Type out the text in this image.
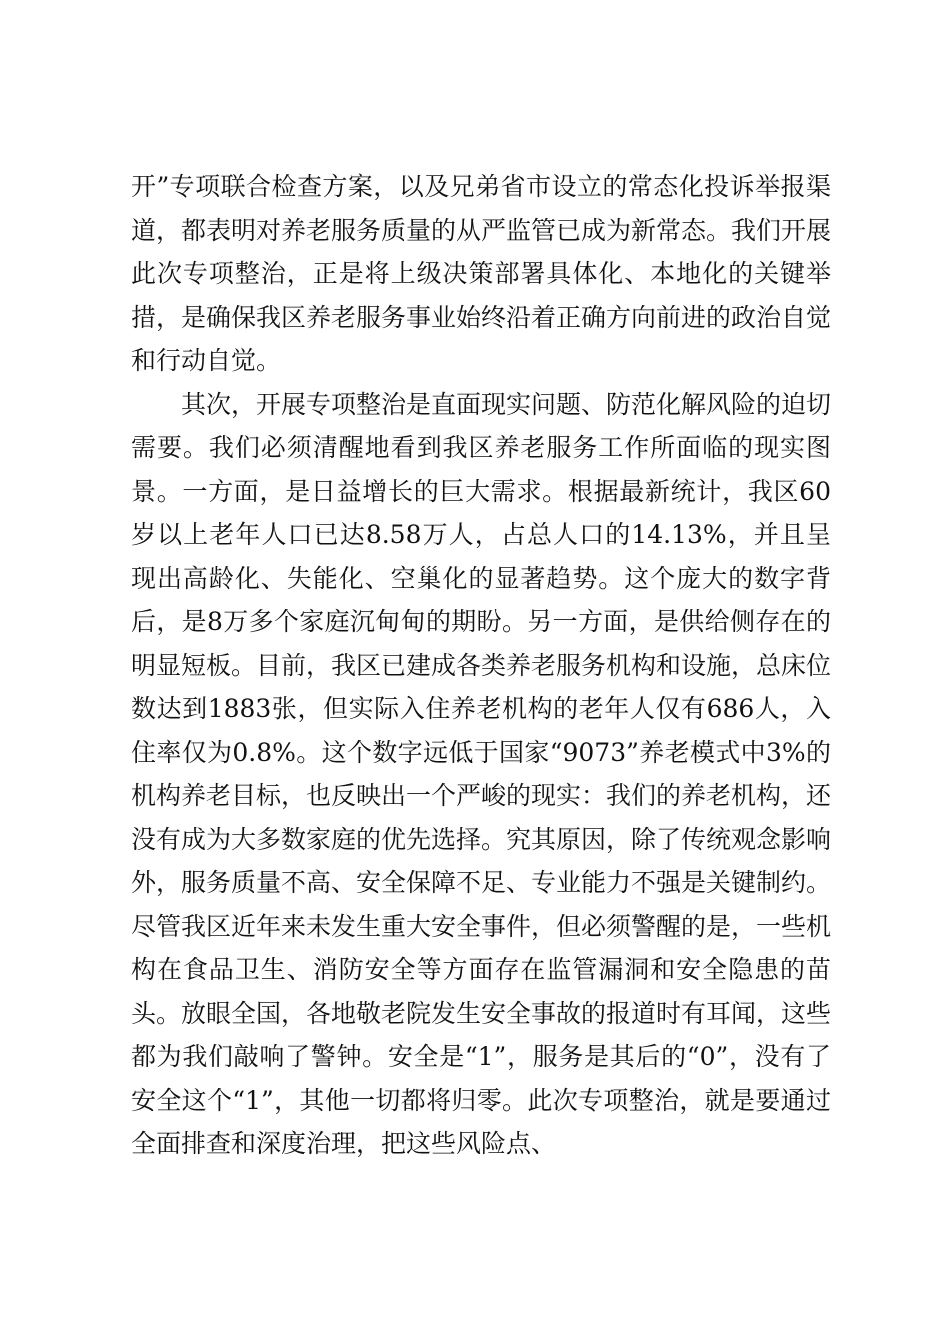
开”专项联合检查方案，以及兄弟省市设立的常态化投诉举报渠道，都表明对养老服务质量的从严监管已成为新常态。我们开展此次专项整治，正是将上级决策部署具体化、本地化的关键举措，是确保我区养老服务事业始终沿着正确方向前进的政治自觉和行动自觉。

其次，开展专项整治是直面现实问题、防范化解风险的迫切需要。我们必须清醒地看到我区养老服务工作所面临的现实图景。一方面，是日益增长的巨大需求。根据最新统计，我区60岁以上老年人口已达8.58万人，占总人口的14.13%，并且呈现出高龄化、失能化、空巢化的显著趋势。这个庞大的数字背后，是8万多个家庭沉甸甸的期盼。另一方面，是供给侧存在的明显短板。目前，我区已建成各类养老服务机构和设施，总床位数达到1883张，但实际入住养老机构的老年人仅有686人，入住率仅为0.8%。这个数字远低于国家“9073”养老模式中3%的机构养老目标，也反映出一个严峻的现实：我们的养老机构，还没有成为大多数家庭的优先选择。究其原因，除了传统观念影响外，服务质量不高、安全保障不足、专业能力不强是关键制约。尽管我区近年来未发生重大安全事件，但必须警醒的是，一些机构在食品卫生、消防安全等方面存在监管漏洞和安全隐患的苗头。放眼全国，各地敬老院发生安全事故的报道时有耳闻，这些都为我们敲响了警钟。安全是“1”，服务是其后的“0”，没有了安全这个“1”，其他一切都将归零。此次专项整治，就是要通过全面排查和深度治理，把这些风险点、
